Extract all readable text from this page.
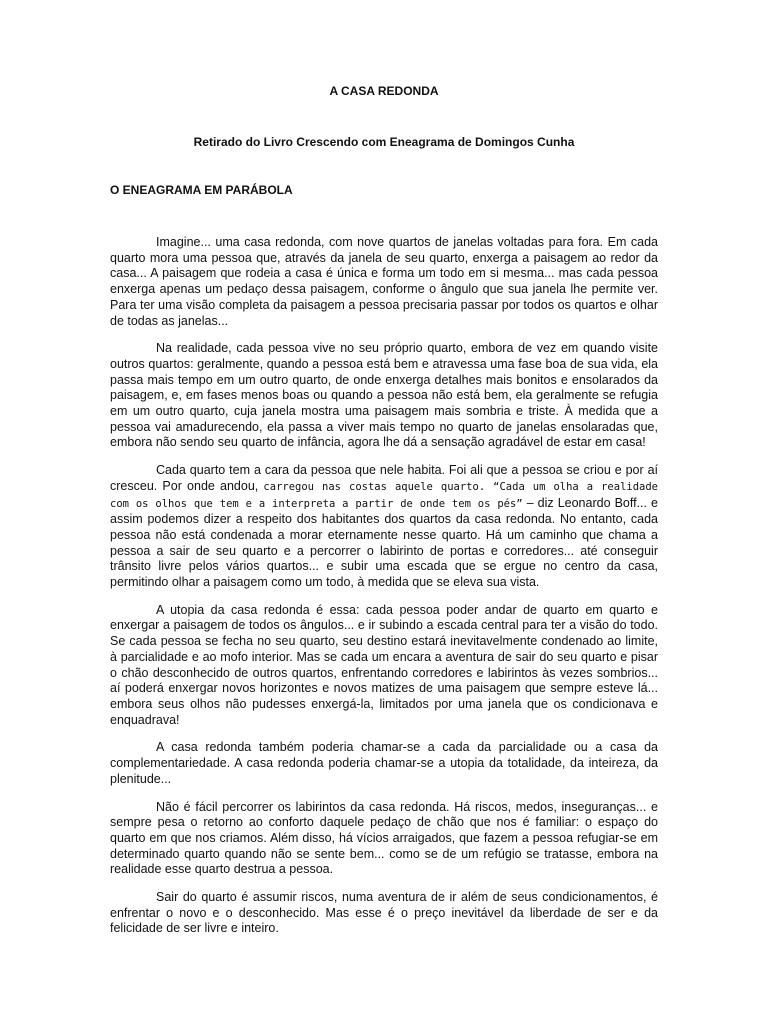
A CASA REDONDA

Retirado do Livro Crescendo com Eneagrama de Domingos Cunha

O ENEAGRAMA EM PARÁBOLA

Imagine... uma casa redonda, com nove quartos de janelas voltadas para fora. Em cada quarto mora uma pessoa que, através da janela de seu quarto, enxerga a paisagem ao redor da casa... A paisagem que rodeia a casa é única e forma um todo em si mesma... mas cada pessoa enxerga apenas um pedaço dessa paisagem, conforme o ângulo que sua janela lhe permite ver. Para ter uma visão completa da paisagem a pessoa precisaria passar por todos os quartos e olhar de todas as janelas...

Na realidade, cada pessoa vive no seu próprio quarto, embora de vez em quando visite outros quartos: geralmente, quando a pessoa está bem e atravessa uma fase boa de sua vida, ela passa mais tempo em um outro quarto, de onde enxerga detalhes mais bonitos e ensolarados da paisagem, e, em fases menos boas ou quando a pessoa não está bem, ela geralmente se refugia em um outro quarto, cuja janela mostra uma paisagem mais sombria e triste. À medida que a pessoa vai amadurecendo, ela passa a viver mais tempo no quarto de janelas ensolaradas que, embora não sendo seu quarto de infância, agora lhe dá a sensação agradável de estar em casa!

Cada quarto tem a cara da pessoa que nele habita. Foi ali que a pessoa se criou e por aí cresceu. Por onde andou, carregou nas costas aquele quarto. “Cada um olha a realidade com os olhos que tem e a interpreta a partir de onde tem os pés” – diz Leonardo Boff... e assim podemos dizer a respeito dos habitantes dos quartos da casa redonda. No entanto, cada pessoa não está condenada a morar eternamente nesse quarto. Há um caminho que chama a pessoa a sair de seu quarto e a percorrer o labirinto de portas e corredores... até conseguir trânsito livre pelos vários quartos... e subir uma escada que se ergue no centro da casa, permitindo olhar a paisagem como um todo, à medida que se eleva sua vista.

A utopia da casa redonda é essa: cada pessoa poder andar de quarto em quarto e enxergar a paisagem de todos os ângulos... e ir subindo a escada central para ter a visão do todo. Se cada pessoa se fecha no seu quarto, seu destino estará inevitavelmente condenado ao limite, à parcialidade e ao mofo interior. Mas se cada um encara a aventura de sair do seu quarto e pisar o chão desconhecido de outros quartos, enfrentando corredores e labirintos às vezes sombrios... aí poderá enxergar novos horizontes e novos matizes de uma paisagem que sempre esteve lá... embora seus olhos não pudesses enxergá-la, limitados por uma janela que os condicionava e enquadrava!

A casa redonda também poderia chamar-se a cada da parcialidade ou a casa da complementariedade. A casa redonda poderia chamar-se a utopia da totalidade, da inteireza, da plenitude...

Não é fácil percorrer os labirintos da casa redonda. Há riscos, medos, inseguranças... e sempre pesa o retorno ao conforto daquele pedaço de chão que nos é familiar: o espaço do quarto em que nos criamos. Além disso, há vícios arraigados, que fazem a pessoa refugiar-se em determinado quarto quando não se sente bem... como se de um refúgio se tratasse, embora na realidade esse quarto destrua a pessoa.

Sair do quarto é assumir riscos, numa aventura de ir além de seus condicionamentos, é enfrentar o novo e o desconhecido. Mas esse é o preço inevitável da liberdade de ser e da felicidade de ser livre e inteiro.
